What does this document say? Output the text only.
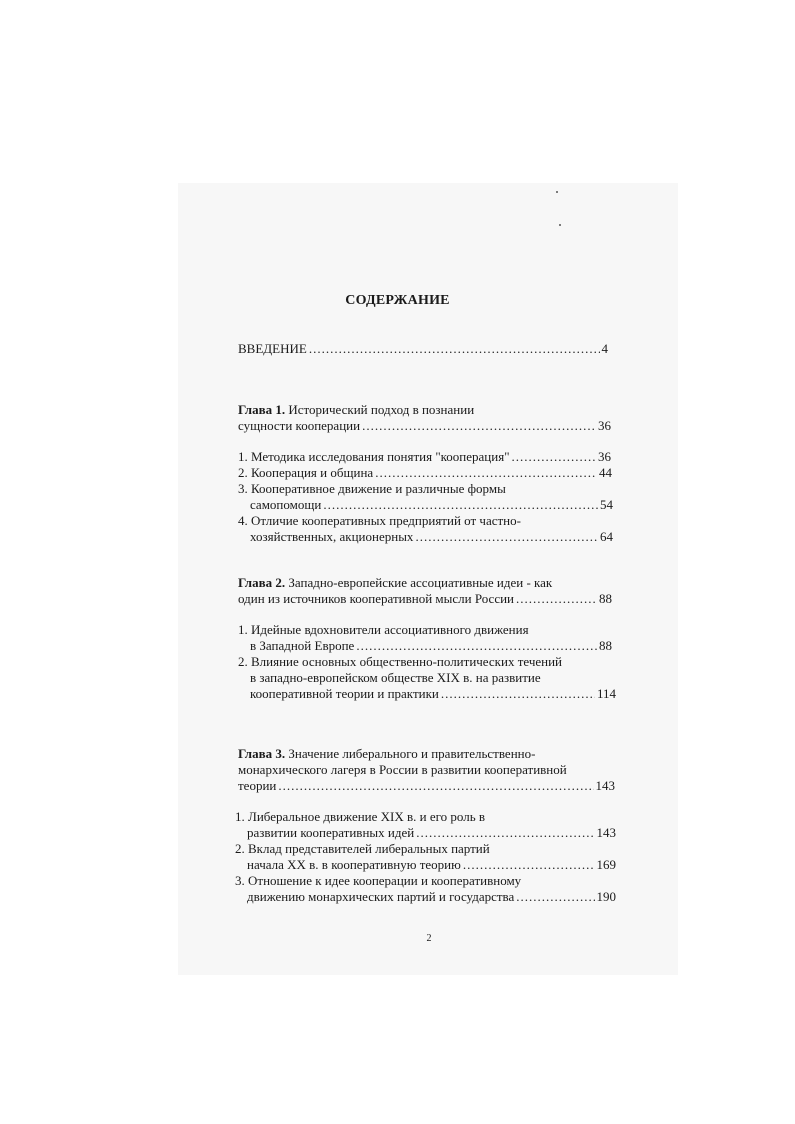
СОДЕРЖАНИЕ
ВВЕДЕНИЕ .....	4
Глава 1. Исторический подход в познании
сущности кооперации .....	36
1. Методика исследования понятия "кооперация" .....	36
2. Кооперация и община .....	44
3. Кооперативное движение и различные формы
самопомощи .....	54
4. Отличие кооперативных предприятий от частно-
хозяйственных, акционерных .....	64
Глава 2. Западно-европейские ассоциативные идеи - как
один из источников кооперативной мысли России .....	88
1. Идейные вдохновители ассоциативного движения
в Западной Европе .....	88
2. Влияние основных общественно-политических течений
в западно-европейском обществе XIX в. на развитие
кооперативной теории и практики .....	114
Глава 3. Значение либерального и правительственно-
монархического лагеря в России в развитии кооперативной
теории .....	143
1. Либеральное движение XIX в. и его роль в
развитии кооперативных идей .....	143
2. Вклад представителей либеральных партий
начала XX в. в кооперативную теорию .....	169
3. Отношение к идее кооперации и кооперативному
движению монархических партий и государства .....	190
2
